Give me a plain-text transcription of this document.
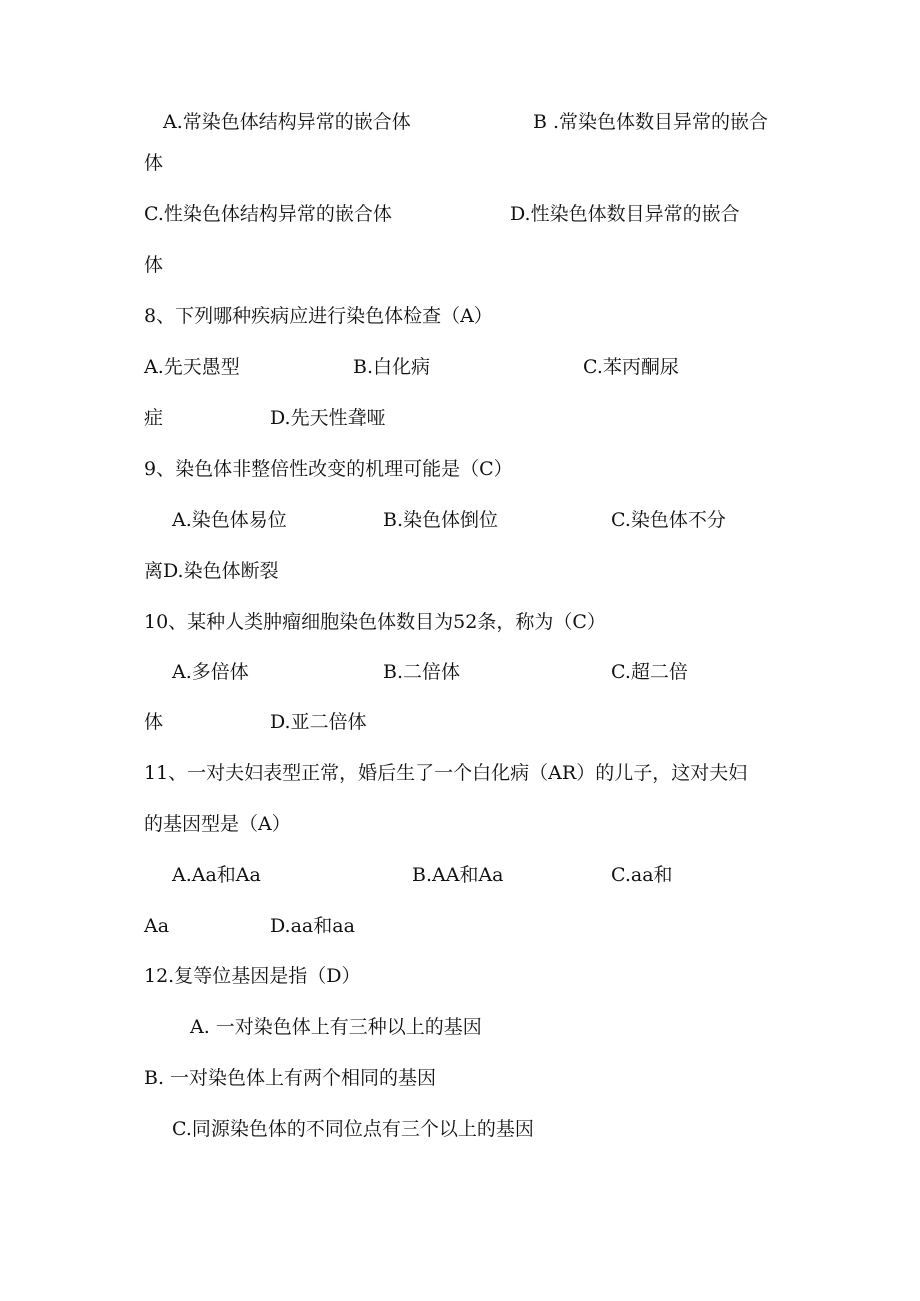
A.常染色体结构异常的嵌合体	B .常染色体数目异常的嵌合
体
C.性染色体结构异常的嵌合体	D.性染色体数目异常的嵌合
体
8、下列哪种疾病应进行染色体检查（A）
A.先天愚型	B.白化病	C.苯丙酮尿
症	D.先天性聋哑
9、染色体非整倍性改变的机理可能是（C）
A.染色体易位	B.染色体倒位	C.染色体不分
离D.染色体断裂
10、某种人类肿瘤细胞染色体数目为52条，称为（C）
A.多倍体	B.二倍体	C.超二倍
体	D.亚二倍体
11、一对夫妇表型正常，婚后生了一个白化病（AR）的儿子，这对夫妇
的基因型是（A）
A.Aa和Aa	B.AA和Aa	C.aa和
Aa	D.aa和aa
12.复等位基因是指（D）
A. 一对染色体上有三种以上的基因
B. 一对染色体上有两个相同的基因
C.同源染色体的不同位点有三个以上的基因
